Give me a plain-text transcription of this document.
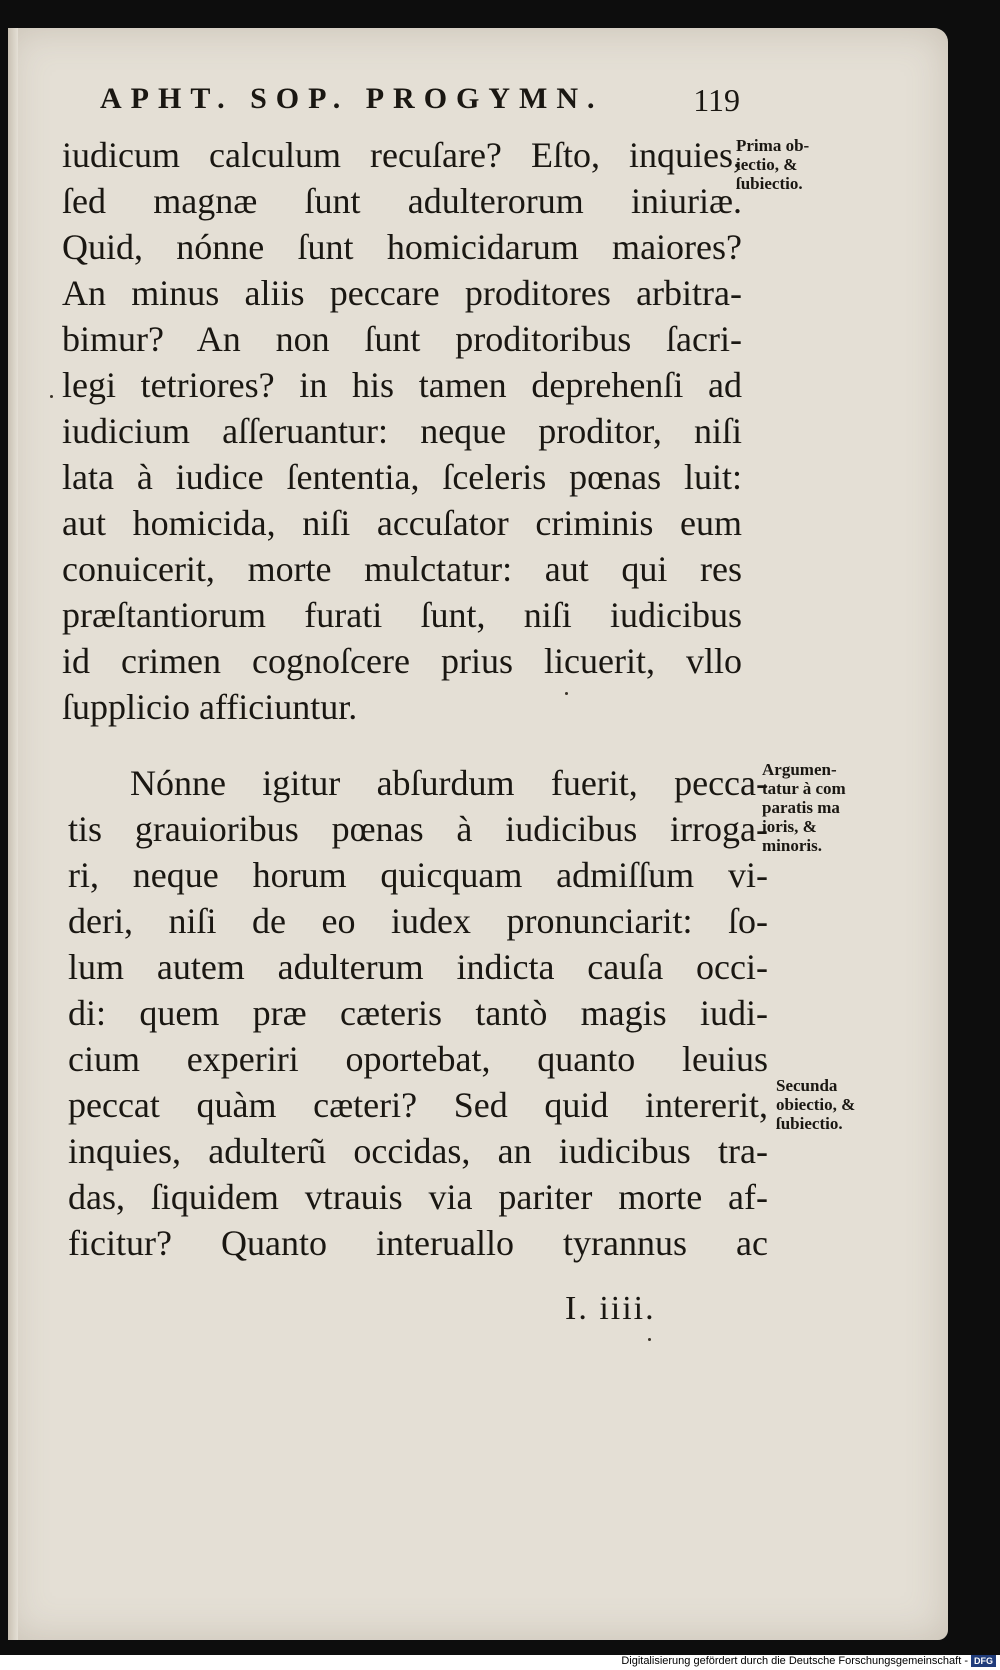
APHT. SOP. PROGYMN.	119
iudicum calculum recuſare? Eſto, inquies,
ſed magnæ ſunt adulterorum iniuriæ.
Quid, nónne ſunt homicidarum maiores?
An minus aliis peccare proditores arbitra-
bimur? An non ſunt proditoribus ſacri-
legi tetriores? in his tamen deprehenſi ad
iudicium aſſeruantur: neque proditor, niſi
lata à iudice ſententia, ſceleris pœnas luit:
aut homicida, niſi accuſator criminis eum
conuicerit, morte mulctatur: aut qui res
præſtantiorum furati ſunt, niſi iudicibus
id crimen cognoſcere prius licuerit, vllo
ſupplicio afficiuntur.
Prima ob-
iectio, &
ſubiectio.
Nónne igitur abſurdum fuerit, pecca-
tis grauioribus pœnas à iudicibus irroga-
ri, neque horum quicquam admiſſum vi-
deri, niſi de eo iudex pronunciarit: ſo-
lum autem adulterum indicta cauſa occi-
di: quem præ cæteris tantò magis iudi-
cium experiri oportebat, quanto leuius
peccat quàm cæteri? Sed quid intererit,
inquies, adulterũ occidas, an iudicibus tra-
das, ſiquidem vtrauis via pariter morte af-
ficitur? Quanto interuallo tyrannus ac
Argumen-
tatur à com
paratis ma
ioris, &
minoris.
Secunda
obiectio, &
ſubiectio.
I. iiii.
Digitalisierung gefördert durch die Deutsche Forschungsgemeinschaft - DFG
